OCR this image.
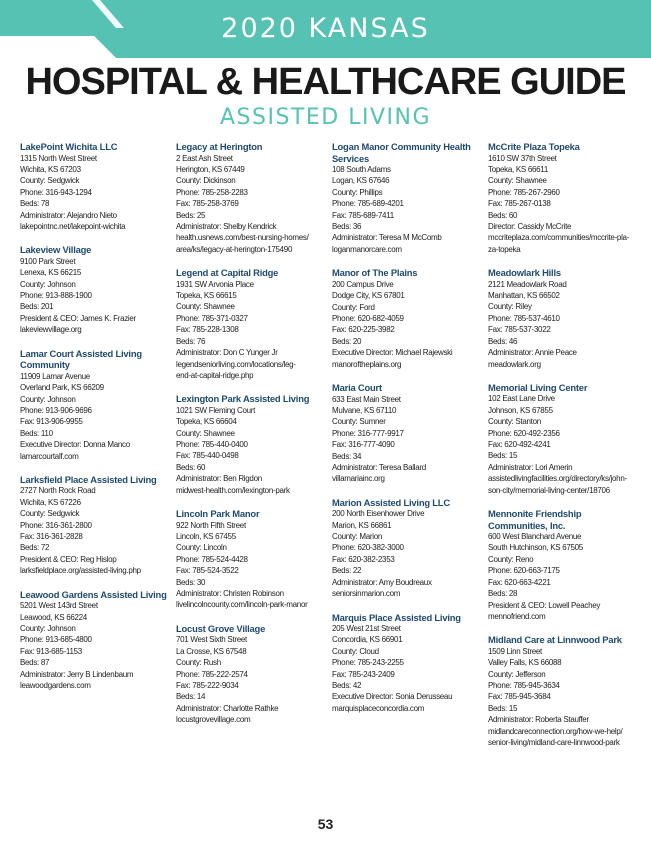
2020 KANSAS
HOSPITAL & HEALTHCARE GUIDE
ASSISTED LIVING
LakePoint Wichita LLC
1315 North West Street
Wichita, KS 67203
County: Sedgwick
Phone: 316-943-1294
Beds: 78
Administrator: Alejandro Nieto
lakepointnc.net/lakepoint-wichita
Lakeview Village
9100 Park Street
Lenexa, KS 66215
County: Johnson
Phone: 913-888-1900
Beds: 201
President & CEO: James K. Frazier
lakeviewvillage.org
Lamar Court Assisted Living Community
11909 Lamar Avenue
Overland Park, KS 66209
County: Johnson
Phone: 913-906-9696
Fax: 913-906-9955
Beds: 110
Executive Director: Donna Manco
lamarcourtalf.com
Larksfield Place Assisted Living
2727 North Rock Road
Wichita, KS 67226
County: Sedgwick
Phone: 316-361-2800
Fax: 316-361-2828
Beds: 72
President & CEO: Reg Hislop
larksfieldplace.org/assisted-living.php
Leawood Gardens Assisted Living
5201 West 143rd Street
Leawood, KS 66224
County: Johnson
Phone: 913-685-4800
Fax: 913-685-1153
Beds: 87
Administrator: Jerry B Lindenbaum
leawoodgardens.com
Legacy at Herington
2 East Ash Street
Herington, KS 67449
County: Dickinson
Phone: 785-258-2283
Fax: 785-258-3769
Beds: 25
Administrator: Shelby Kendrick
health.usnews.com/best-nursing-homes/
area/ks/legacy-at-herington-175490
Legend at Capital Ridge
1931 SW Arvonia Place
Topeka, KS 66615
County: Shawnee
Phone: 785-371-0327
Fax: 785-228-1308
Beds: 76
Administrator: Don C Yunger Jr
legendseniorliving.com/locations/leg-
end-at-capital-ridge.php
Lexington Park Assisted Living
1021 SW Fleming Court
Topeka, KS 66604
County: Shawnee
Phone: 785-440-0400
Fax: 785-440-0498
Beds: 60
Administrator: Ben Rigdon
midwest-health.com/lexington-park
Lincoln Park Manor
922 North Fifth Street
Lincoln, KS 67455
County: Lincoln
Phone: 785-524-4428
Fax: 785-524-3522
Beds: 30
Administrator: Christen Robinson
livelincolncounty.com/lincoln-park-manor
Locust Grove Village
701 West Sixth Street
La Crosse, KS 67548
County: Rush
Phone: 785-222-2574
Fax: 785-222-9034
Beds: 14
Administrator: Charlotte Rathke
locustgrovevillage.com
Logan Manor Community Health Services
108 South Adams
Logan, KS 67646
County: Phillips
Phone: 785-689-4201
Fax: 785-689-7411
Beds: 36
Administrator: Teresa M McComb
loganmanorcare.com
Manor of The Plains
200 Campus Drive
Dodge City, KS 67801
County: Ford
Phone: 620-682-4059
Fax: 620-225-3982
Beds: 20
Executive Director: Michael Rajewski
manoroftheplains.org
Maria Court
633 East Main Street
Mulvane, KS 67110
County: Sumner
Phone: 316-777-9917
Fax: 316-777-4090
Beds: 34
Administrator: Teresa Ballard
villamariainc.org
Marion Assisted Living LLC
200 North Eisenhower Drive
Marion, KS 66861
County: Marion
Phone: 620-382-3000
Fax: 620-382-2353
Beds: 22
Administrator: Amy Boudreaux
seniorsinmarion.com
Marquis Place Assisted Living
205 West 21st Street
Concordia, KS 66901
County: Cloud
Phone: 785-243-2255
Fax: 785-243-2409
Beds: 42
Executive Director: Sonia Derusseau
marquisplaceconcordia.com
McCrite Plaza Topeka
1610 SW 37th Street
Topeka, KS 66611
County: Shawnee
Phone: 785-267-2960
Fax: 785-267-0138
Beds: 60
Director: Cassidy McCrite
mccriteplaza.com/communities/mccrite-pla-
za-topeka
Meadowlark Hills
2121 Meadowlark Road
Manhattan, KS 66502
County: Riley
Phone: 785-537-4610
Fax: 785-537-3022
Beds: 46
Administrator: Annie Peace
meadowlark.org
Memorial Living Center
102 East Lane Drive
Johnson, KS 67855
County: Stanton
Phone: 620-492-2356
Fax: 620-492-4241
Beds: 15
Administrator: Lori Amerin
assistedlivingfacilities.org/directory/ks/john-
son-city/memorial-living-center/18706
Mennonite Friendship Communities, Inc.
600 West Blanchard Avenue
South Hutchinson, KS 67505
County: Reno
Phone: 620-663-7175
Fax: 620-663-4221
Beds: 28
President & CEO: Lowell Peachey
mennofriend.com
Midland Care at Linnwood Park
1509 Linn Street
Valley Falls, KS 66088
County: Jefferson
Phone: 785-945-3634
Fax: 785-945-3684
Beds: 15
Administrator: Roberta Stauffer
midlandcareconnection.org/how-we-help/
senior-living/midland-care-linnwood-park
53
